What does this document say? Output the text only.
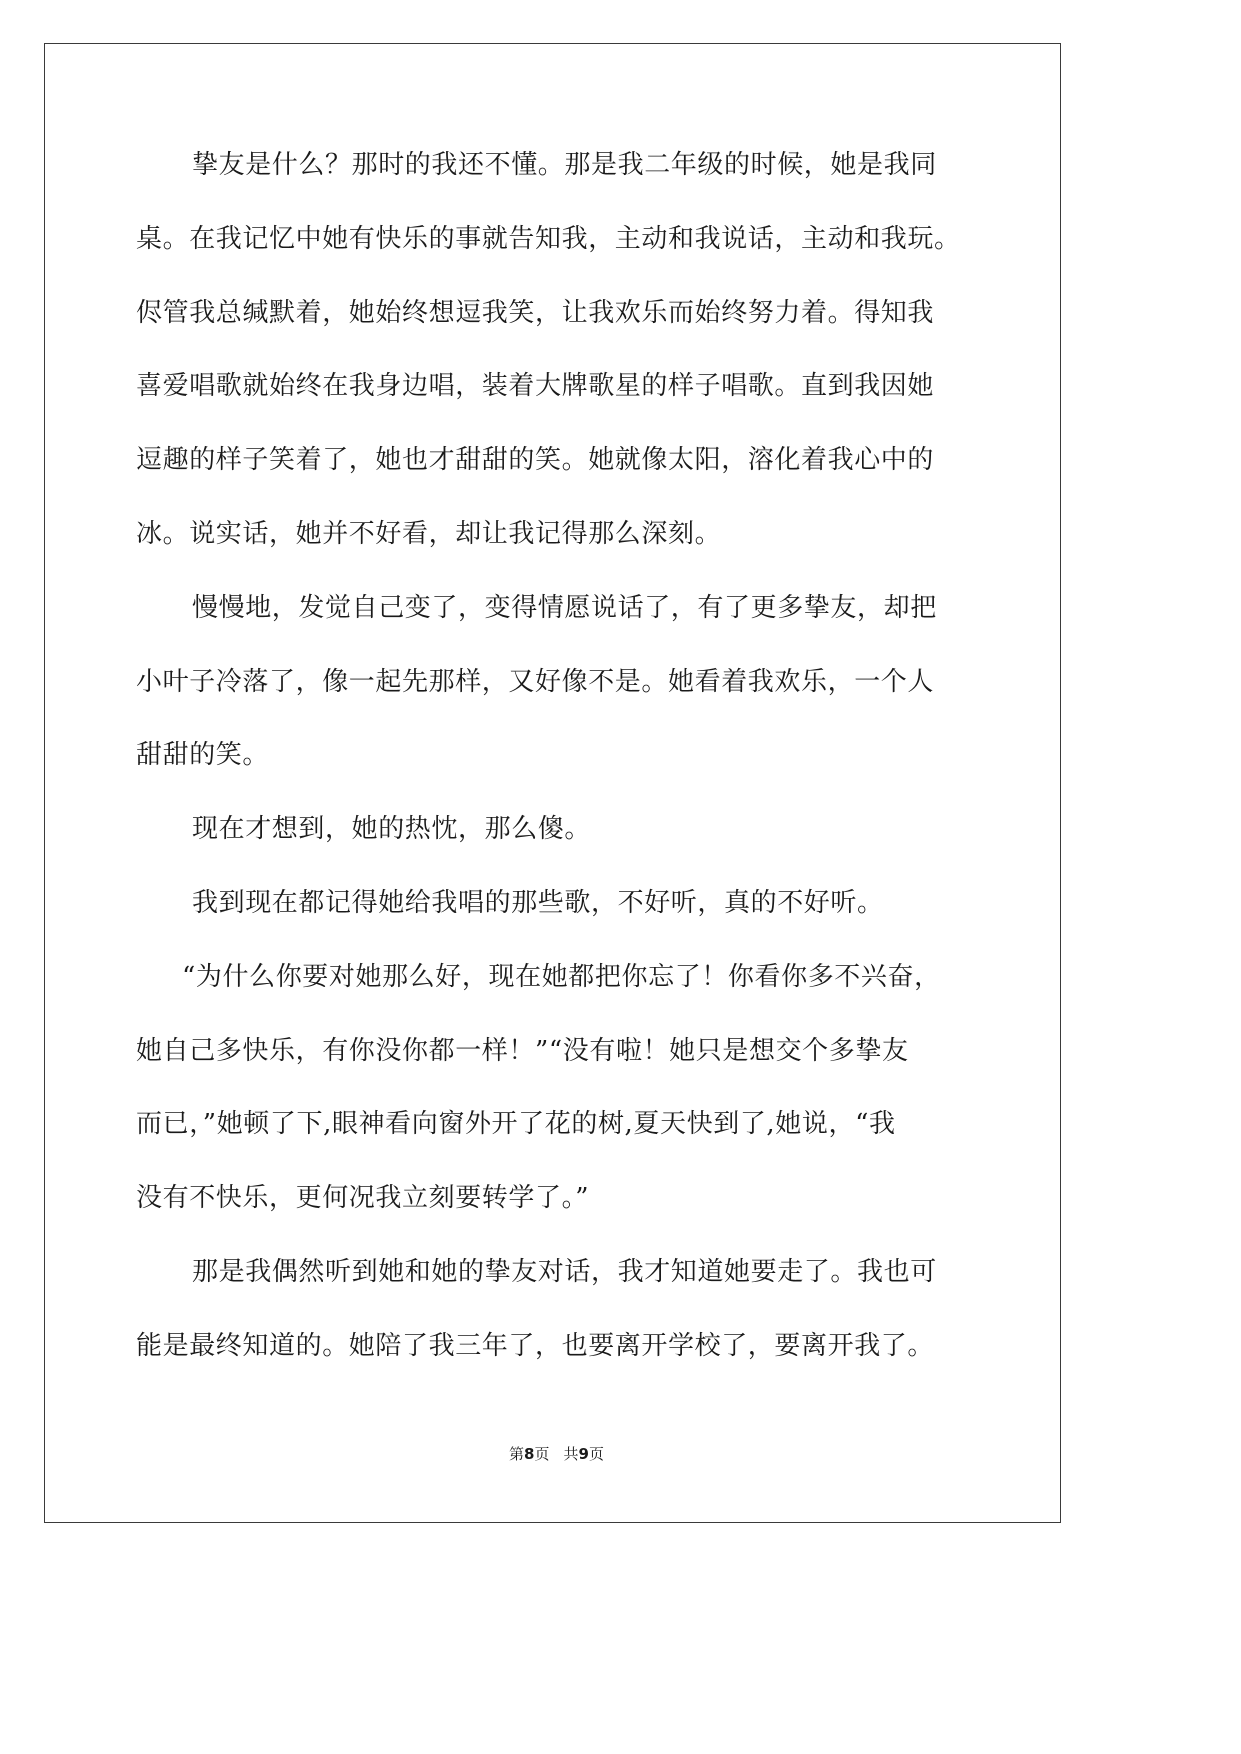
挚友是什么？那时的我还不懂。那是我二年级的时候，她是我同
桌。在我记忆中她有快乐的事就告知我，主动和我说话，主动和我玩。
侭管我总缄默着，她始终想逗我笑，让我欢乐而始终努力着。得知我
喜爱唱歌就始终在我身边唱，装着大牌歌星的样子唱歌。直到我因她
逗趣的样子笑着了，她也才甜甜的笑。她就像太阳，溶化着我心中的
冰。说实话，她并不好看，却让我记得那么深刻。
慢慢地，发觉自己变了，变得情愿说话了，有了更多挚友，却把
小叶子冷落了，像一起先那样，又好像不是。她看着我欢乐，一个人
甜甜的笑。
现在才想到，她的热忱，那么傻。
我到现在都记得她给我唱的那些歌，不好听，真的不好听。
“为什么你要对她那么好，现在她都把你忘了！你看你多不兴奋，
她自己多快乐，有你没你都一样！”“没有啦！她只是想交个多挚友
而已，”她顿了下,眼神看向窗外开了花的树,夏天快到了,她说，“我
没有不快乐，更何况我立刻要转学了。”
那是我偶然听到她和她的挚友对话，我才知道她要走了。我也可
能是最终知道的。她陪了我三年了，也要离开学校了，要离开我了。
第8页 共9页
